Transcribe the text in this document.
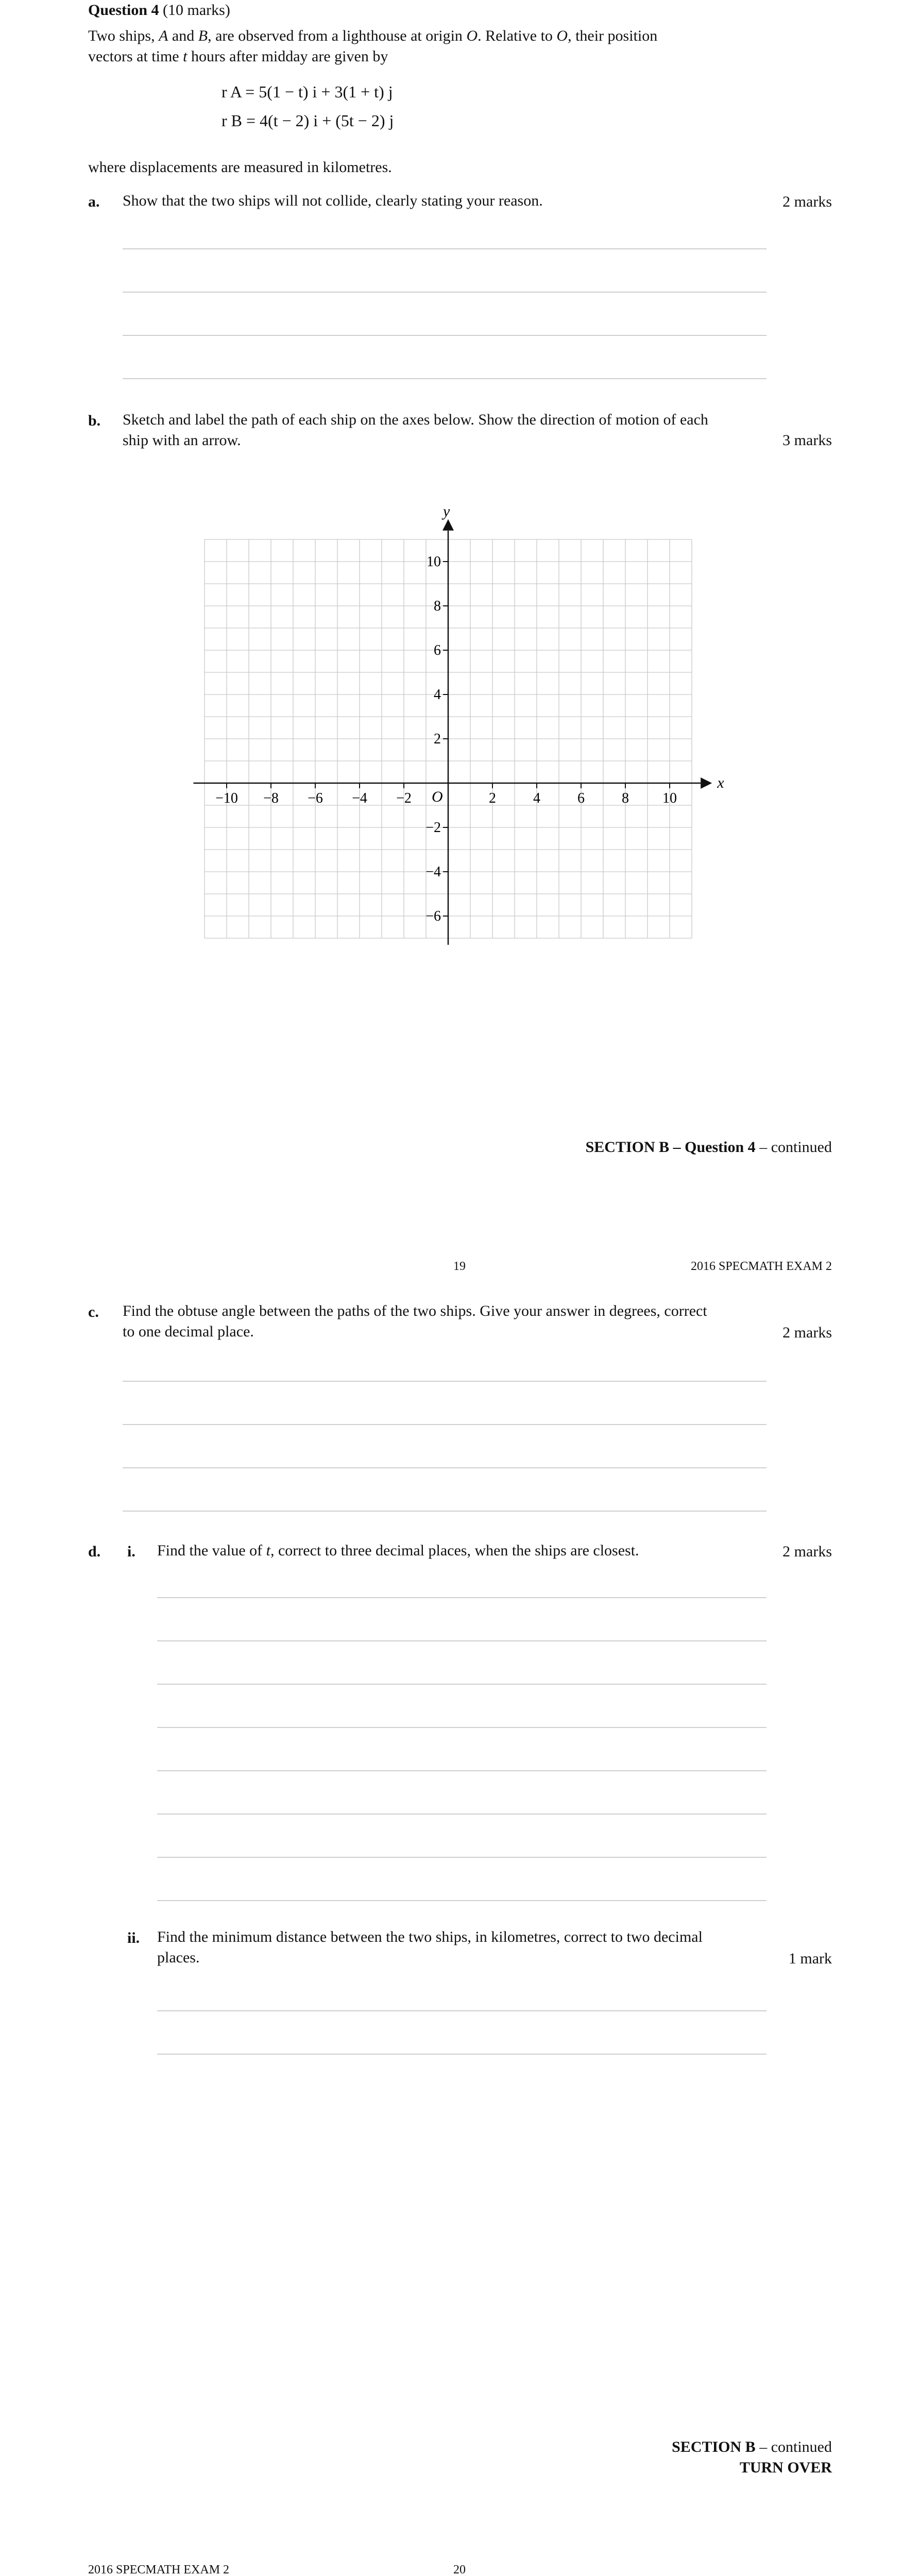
Question 4 (10 marks)
Two ships, A and B, are observed from a lighthouse at origin O. Relative to O, their position
vectors at time t hours after midday are given by
r A = 5(1 − t) i + 3(1 + t) j
r B = 4(t − 2) i + (5t − 2) j
where displacements are measured in kilometres.
a. Show that the two ships will not collide, clearly stating your reason.	2 marks
b. Sketch and label the path of each ship on the axes below. Show the direction of motion of each
ship with an arrow.	3 marks
x
y
O
−10 −8 −6 −4 −2	2	4	6	8 10
−6
−4
−2
2
4
6
8
10
SECTION B – Question 4 – continued
19	2016 SPECMATH EXAM 2
c. Find the obtuse angle between the paths of the two ships. Give your answer in degrees, correct
to one decimal place.	2 marks
d. i. Find the value of t, correct to three decimal places, when the ships are closest.	2 marks
ii. Find the minimum distance between the two ships, in kilometres, correct to two decimal
places.	1 mark
SECTION B – continued
TURN OVER
2016 SPECMATH EXAM 2	20
